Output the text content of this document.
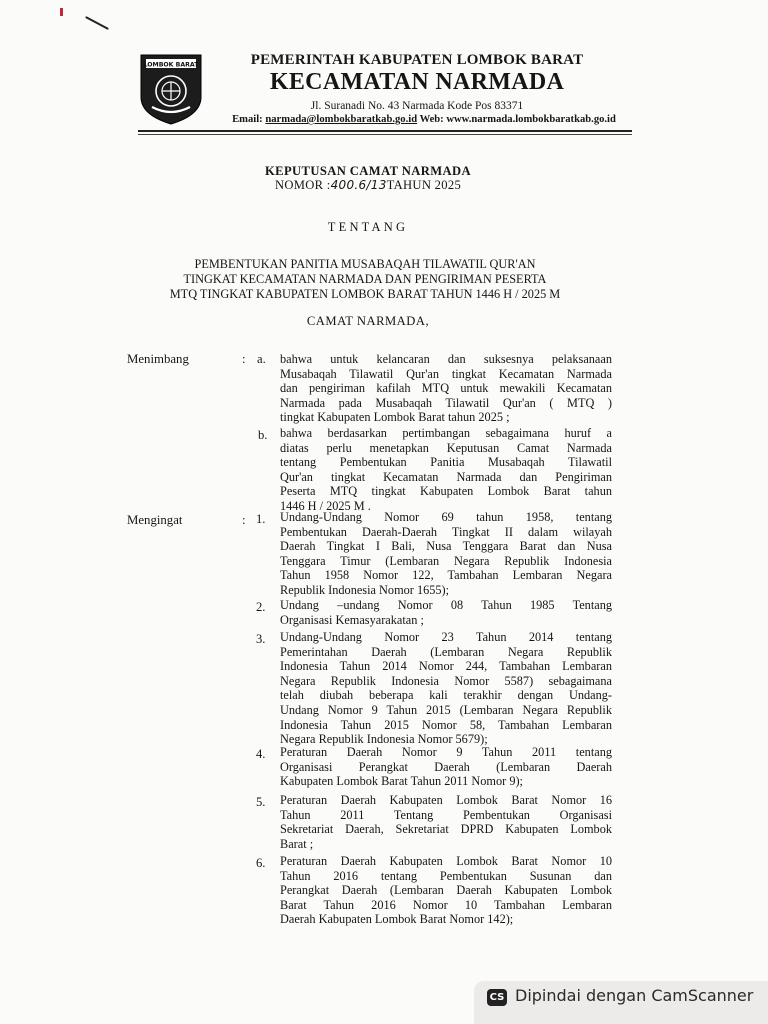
LOMBOK BARAT	PEMERINTAH KABUPATEN LOMBOK BARAT
KECAMATAN NARMADA
Jl. Suranadi No. 43 Narmada Kode Pos 83371
Email: narmada@lombokbaratkab.go.id Web: www.narmada.lombokbaratkab.go.id
KEPUTUSAN CAMAT NARMADA
NOMOR :400.6/13TAHUN 2025
TENTANG
PEMBENTUKAN PANITIA MUSABAQAH TILAWATIL QUR'AN
TINGKAT KECAMATAN NARMADA DAN PENGIRIMAN PESERTA
MTQ TINGKAT KABUPATEN LOMBOK BARAT TAHUN 1446 H / 2025 M
CAMAT NARMADA,
Menimbang	: a. bahwa untuk kelancaran dan suksesnya pelaksanaan
Musabaqah Tilawatil Qur'an tingkat Kecamatan Narmada
dan pengiriman kafilah MTQ untuk mewakili Kecamatan
Narmada pada Musabaqah Tilawatil Qur'an ( MTQ )
tingkat Kabupaten Lombok Barat tahun 2025 ;
b. bahwa berdasarkan pertimbangan sebagaimana huruf a
diatas perlu menetapkan Keputusan Camat Narmada
tentang Pembentukan Panitia Musabaqah Tilawatil
Qur'an tingkat Kecamatan Narmada dan Pengiriman
Peserta MTQ tingkat Kabupaten Lombok Barat tahun
1446 H / 2025 M .
Mengingat	: 1. Undang-Undang Nomor 69 tahun 1958, tentang
Pembentukan Daerah-Daerah Tingkat II dalam wilayah
Daerah Tingkat I Bali, Nusa Tenggara Barat dan Nusa
Tenggara Timur (Lembaran Negara Republik Indonesia
Tahun 1958 Nomor 122, Tambahan Lembaran Negara
Republik Indonesia Nomor 1655);
2. Undang –undang Nomor 08 Tahun 1985 Tentang
Organisasi Kemasyarakatan ;
3. Undang-Undang Nomor 23 Tahun 2014 tentang
Pemerintahan Daerah (Lembaran Negara Republik
Indonesia Tahun 2014 Nomor 244, Tambahan Lembaran
Negara Republik Indonesia Nomor 5587) sebagaimana
telah diubah beberapa kali terakhir dengan Undang-
Undang Nomor 9 Tahun 2015 (Lembaran Negara Republik
Indonesia Tahun 2015 Nomor 58, Tambahan Lembaran
Negara Republik Indonesia Nomor 5679);
4. Peraturan Daerah Nomor 9 Tahun 2011 tentang
Organisasi Perangkat Daerah (Lembaran Daerah
Kabupaten Lombok Barat Tahun 2011 Nomor 9);
5. Peraturan Daerah Kabupaten Lombok Barat Nomor 16
Tahun 2011 Tentang Pembentukan Organisasi
Sekretariat Daerah, Sekretariat DPRD Kabupaten Lombok
Barat ;
6. Peraturan Daerah Kabupaten Lombok Barat Nomor 10
Tahun 2016 tentang Pembentukan Susunan dan
Perangkat Daerah (Lembaran Daerah Kabupaten Lombok
Barat Tahun 2016 Nomor 10 Tambahan Lembaran
Daerah Kabupaten Lombok Barat Nomor 142);
CS Dipindai dengan CamScanner
